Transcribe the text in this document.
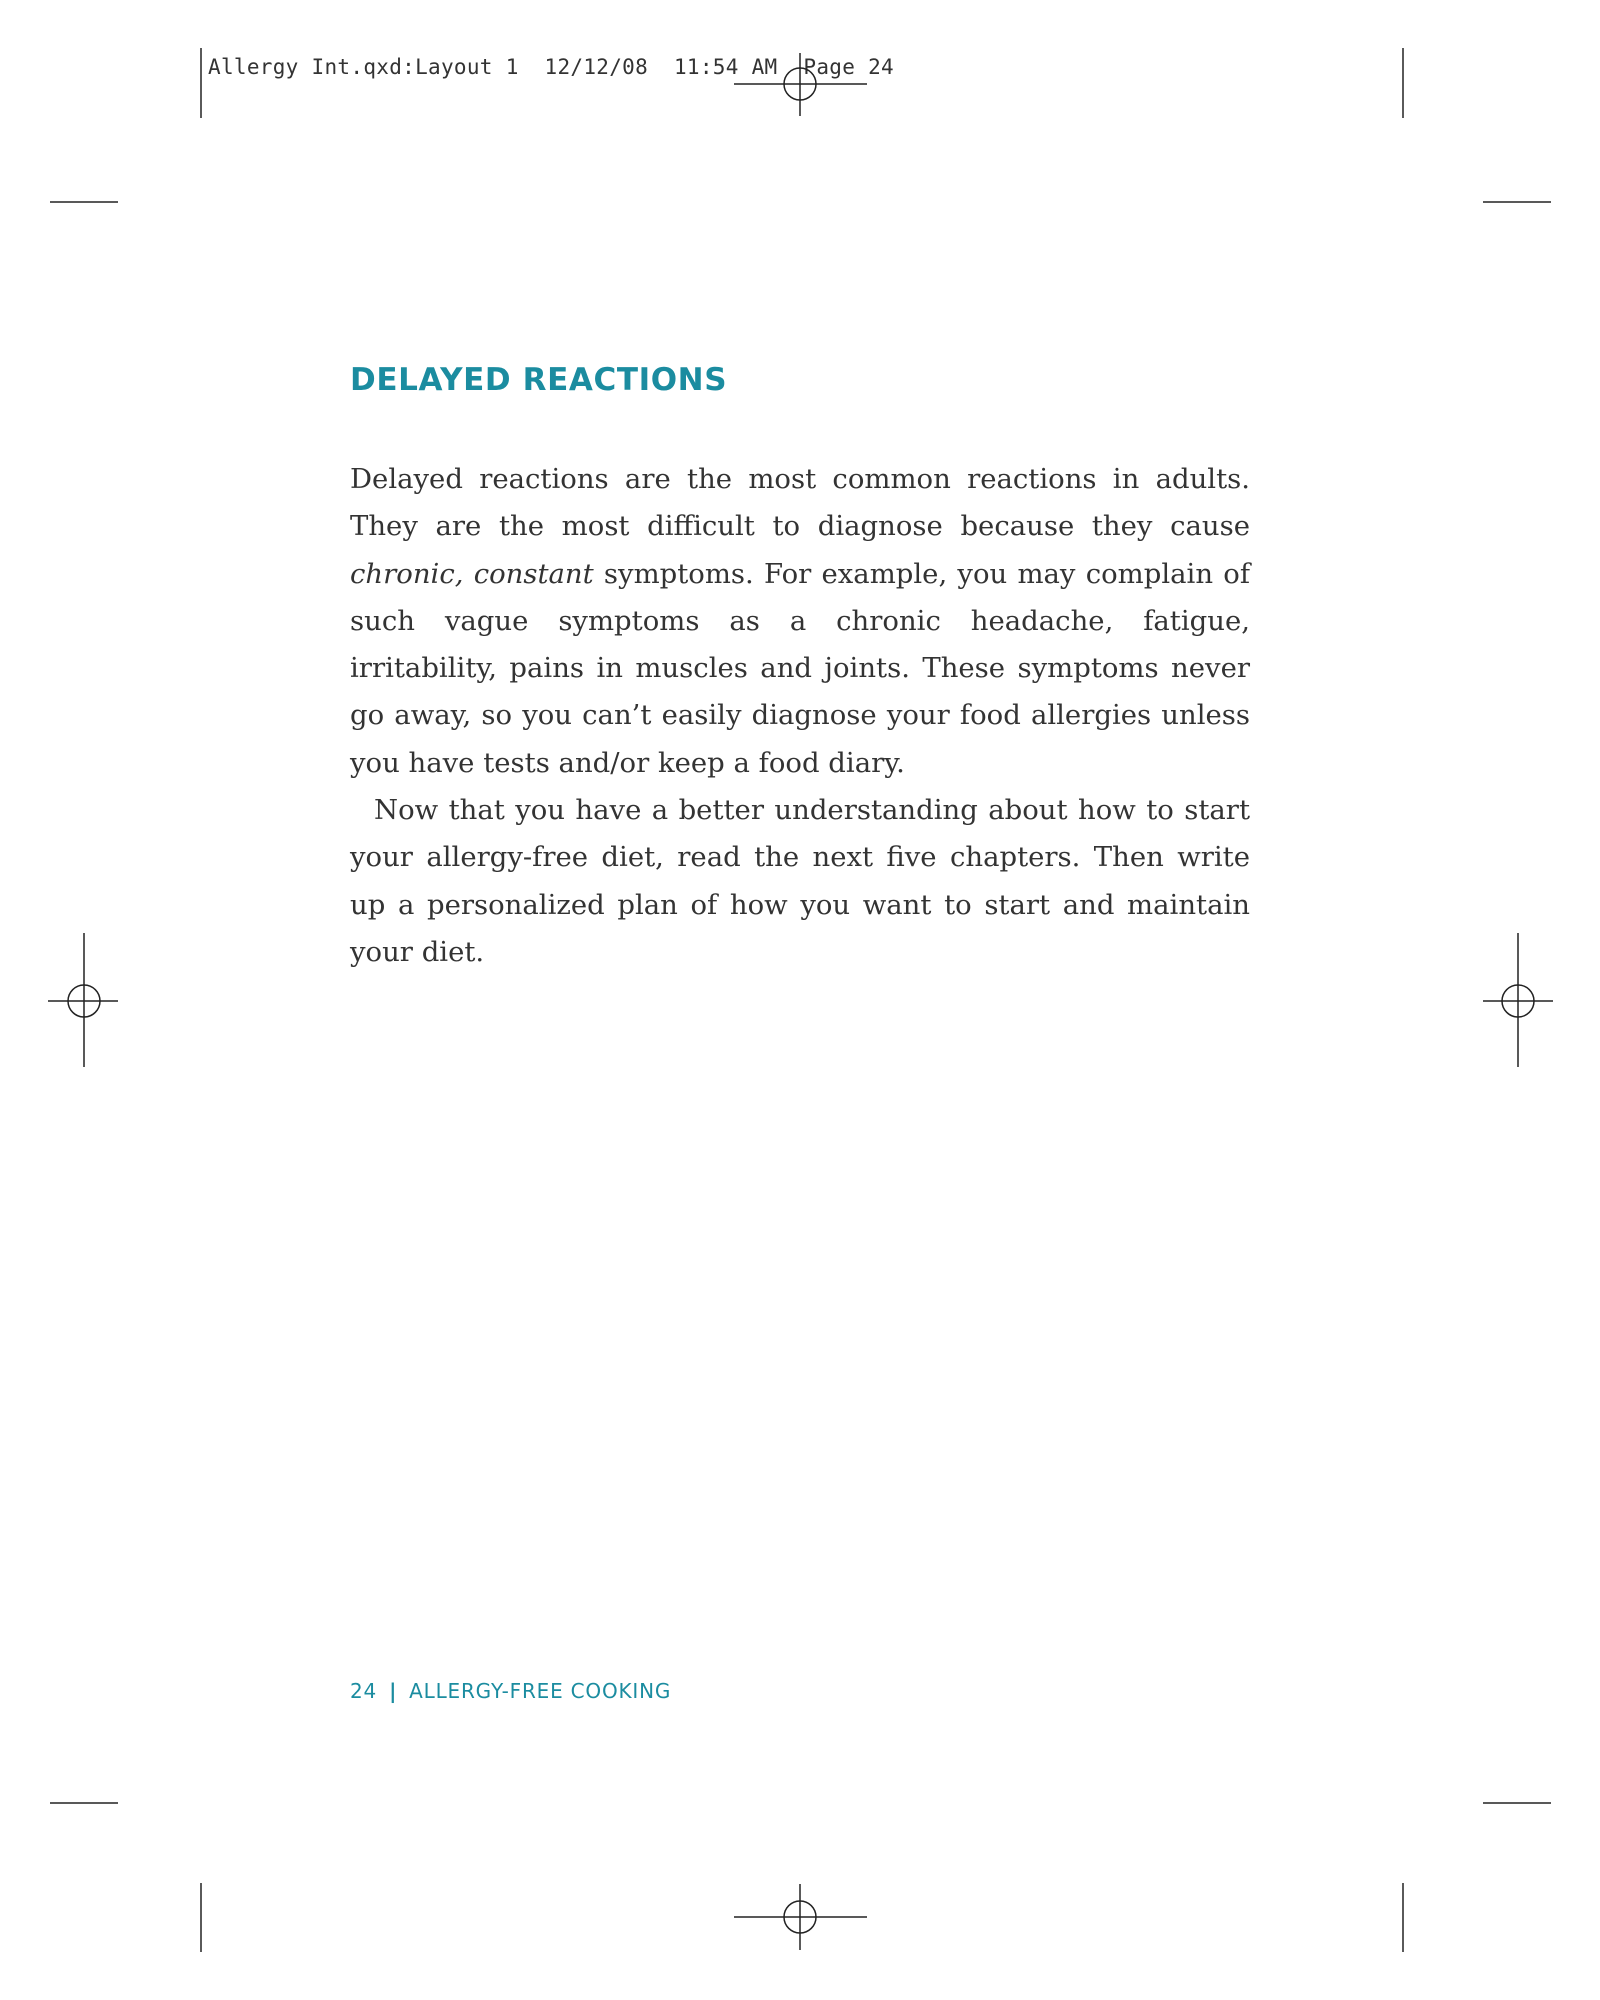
Allergy Int.qxd:Layout 1  12/12/08  11:54 AM  Page 24
DELAYED REACTIONS

Delayed reactions are the most common reactions in adults. They are the most difficult to diagnose because they cause chronic, constant symptoms. For example, you may complain of such vague symptoms as a chronic headache, fatigue, irritability, pains in muscles and joints. These symptoms never go away, so you can’t easily diagnose your food allergies unless you have tests and/or keep a food diary.

Now that you have a better understanding about how to start your allergy-free diet, read the next five chapters. Then write up a personalized plan of how you want to start and maintain your diet.

24 | ALLERGY-FREE COOKING
